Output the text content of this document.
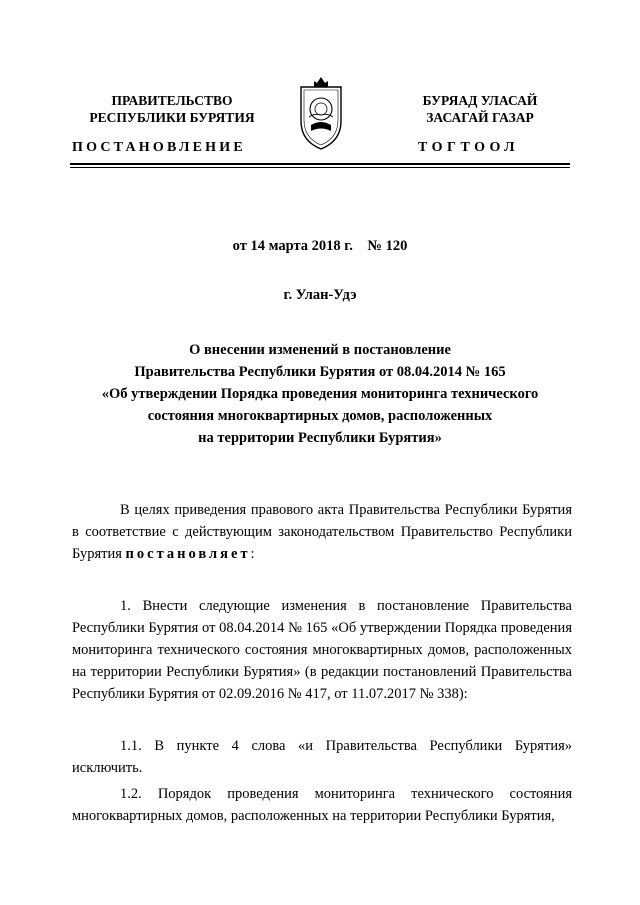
ПРАВИТЕЛЬСТВО
РЕСПУБЛИКИ БУРЯТИЯ
БУРЯАД УЛАСАЙ
ЗАСАГАЙ ГАЗАР
ПОСТАНОВЛЕНИЕ	ТОГТООЛ
от 14 марта 2018 г.    № 120
г. Улан-Удэ
О внесении изменений в постановление
Правительства Республики Бурятия от 08.04.2014 № 165
«Об утверждении Порядка проведения мониторинга технического
состояния многоквартирных домов, расположенных
на территории Республики Бурятия»
В целях приведения правового акта Правительства Республики Бурятия в соответствие с действующим законодательством Правительство Республики Бурятия постановляет:
1. Внести следующие изменения в постановление Правительства Республики Бурятия от 08.04.2014 № 165 «Об утверждении Порядка проведения мониторинга технического состояния многоквартирных домов, расположенных на территории Республики Бурятия» (в редакции постановлений Правительства Республики Бурятия от 02.09.2016 № 417, от 11.07.2017 № 338):
1.1. В пункте 4 слова «и Правительства Республики Бурятия» исключить.
1.2. Порядок проведения мониторинга технического состояния многоквартирных домов, расположенных на территории Республики Бурятия,
